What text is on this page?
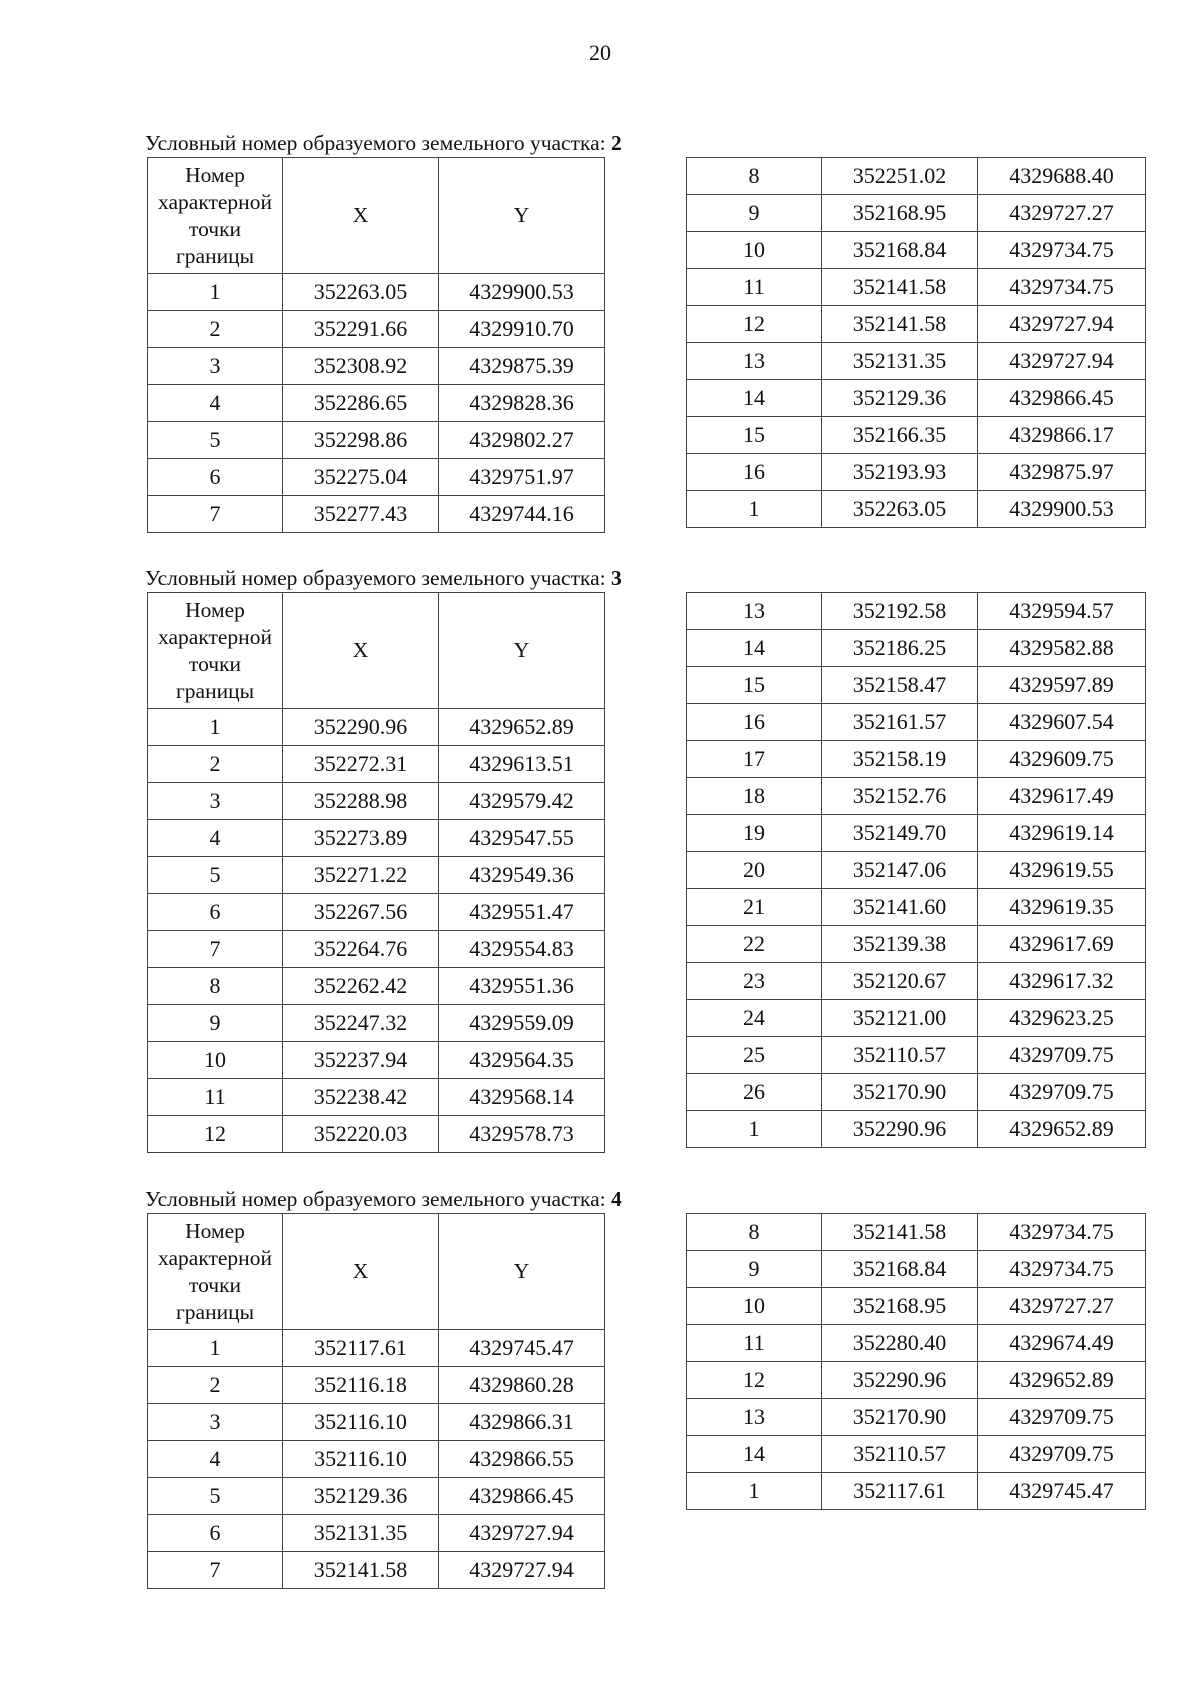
20
Условный номер образуемого земельного участка: 2
Номер характерной точки границы	X	Y
1	352263.05	4329900.53
2	352291.66	4329910.70
3	352308.92	4329875.39
4	352286.65	4329828.36
5	352298.86	4329802.27
6	352275.04	4329751.97
7	352277.43	4329744.16
8	352251.02	4329688.40
9	352168.95	4329727.27
10	352168.84	4329734.75
11	352141.58	4329734.75
12	352141.58	4329727.94
13	352131.35	4329727.94
14	352129.36	4329866.45
15	352166.35	4329866.17
16	352193.93	4329875.97
1	352263.05	4329900.53
Условный номер образуемого земельного участка: 3
Номер характерной точки границы	X	Y
1	352290.96	4329652.89
2	352272.31	4329613.51
3	352288.98	4329579.42
4	352273.89	4329547.55
5	352271.22	4329549.36
6	352267.56	4329551.47
7	352264.76	4329554.83
8	352262.42	4329551.36
9	352247.32	4329559.09
10	352237.94	4329564.35
11	352238.42	4329568.14
12	352220.03	4329578.73
13	352192.58	4329594.57
14	352186.25	4329582.88
15	352158.47	4329597.89
16	352161.57	4329607.54
17	352158.19	4329609.75
18	352152.76	4329617.49
19	352149.70	4329619.14
20	352147.06	4329619.55
21	352141.60	4329619.35
22	352139.38	4329617.69
23	352120.67	4329617.32
24	352121.00	4329623.25
25	352110.57	4329709.75
26	352170.90	4329709.75
1	352290.96	4329652.89
Условный номер образуемого земельного участка: 4
Номер характерной точки границы	X	Y
1	352117.61	4329745.47
2	352116.18	4329860.28
3	352116.10	4329866.31
4	352116.10	4329866.55
5	352129.36	4329866.45
6	352131.35	4329727.94
7	352141.58	4329727.94
8	352141.58	4329734.75
9	352168.84	4329734.75
10	352168.95	4329727.27
11	352280.40	4329674.49
12	352290.96	4329652.89
13	352170.90	4329709.75
14	352110.57	4329709.75
1	352117.61	4329745.47
